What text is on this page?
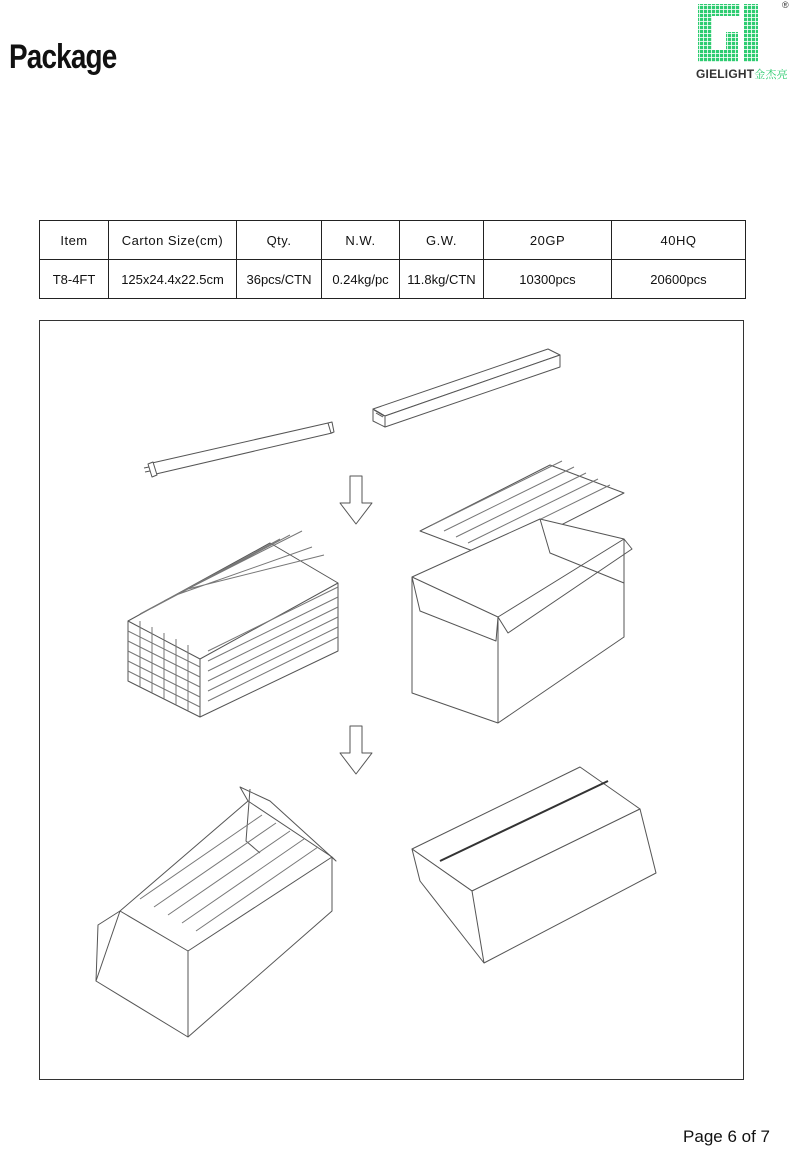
Package	GIELIGHT金杰亮
®
Item	Carton Size(cm)	Qty.	N.W.	G.W.	20GP	40HQ
T8-4FT	125x24.4x22.5cm	36pcs/CTN	0.24kg/pc	11.8kg/CTN	10300pcs	20600pcs
Page 6 of 7
